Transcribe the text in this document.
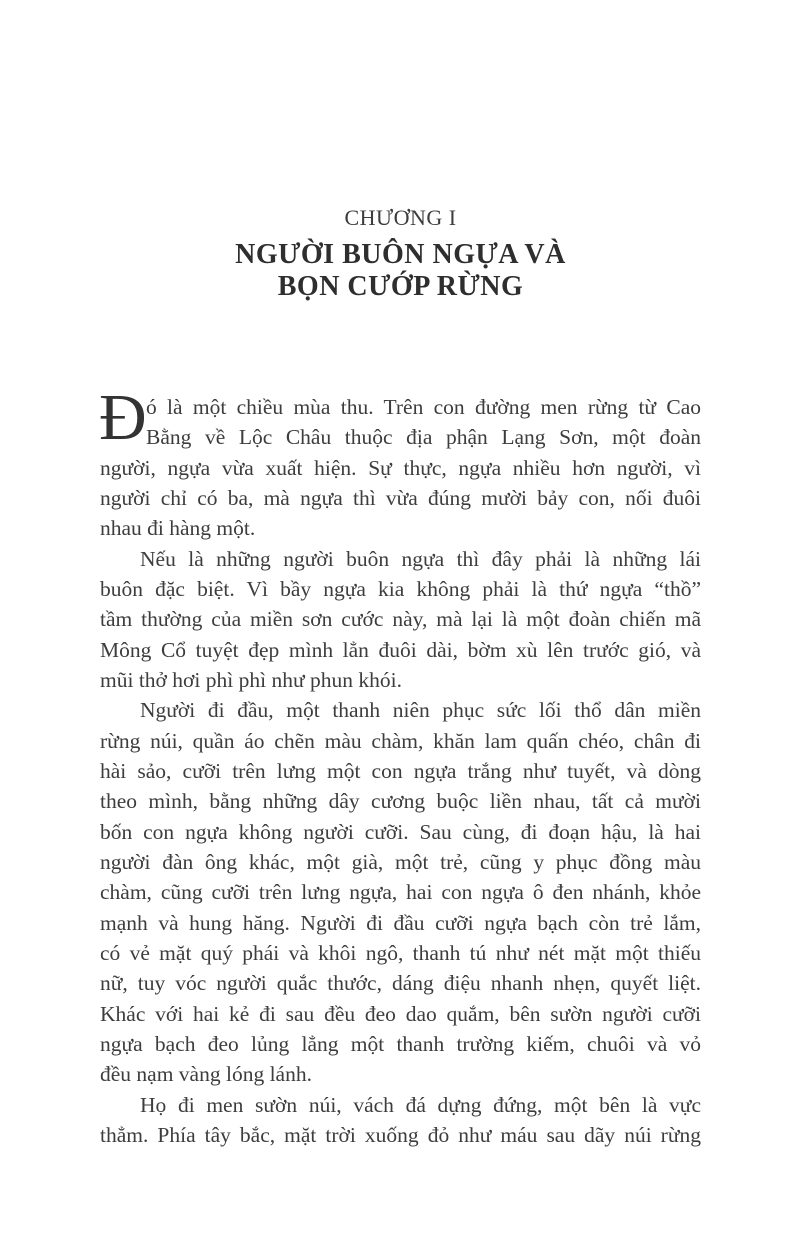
CHƯƠNG I
NGƯỜI BUÔN NGỰA VÀ
BỌN CƯỚP RỪNG
Đ ó là một chiều mùa thu. Trên con đường men rừng từ Cao
Bằng về Lộc Châu thuộc địa phận Lạng Sơn, một đoàn
người, ngựa vừa xuất hiện. Sự thực, ngựa nhiều hơn người, vì
người chỉ có ba, mà ngựa thì vừa đúng mười bảy con, nối đuôi
nhau đi hàng một.
Nếu là những người buôn ngựa thì đây phải là những lái
buôn đặc biệt. Vì bầy ngựa kia không phải là thứ ngựa “thồ”
tầm thường của miền sơn cước này, mà lại là một đoàn chiến mã
Mông Cổ tuyệt đẹp mình lẳn đuôi dài, bờm xù lên trước gió, và
mũi thở hơi phì phì như phun khói.
Người đi đầu, một thanh niên phục sức lối thổ dân miền
rừng núi, quần áo chẽn màu chàm, khăn lam quấn chéo, chân đi
hài sảo, cưỡi trên lưng một con ngựa trắng như tuyết, và dòng
theo mình, bằng những dây cương buộc liền nhau, tất cả mười
bốn con ngựa không người cưỡi. Sau cùng, đi đoạn hậu, là hai
người đàn ông khác, một già, một trẻ, cũng y phục đồng màu
chàm, cũng cưỡi trên lưng ngựa, hai con ngựa ô đen nhánh, khỏe
mạnh và hung hăng. Người đi đầu cưỡi ngựa bạch còn trẻ lắm,
có vẻ mặt quý phái và khôi ngô, thanh tú như nét mặt một thiếu
nữ, tuy vóc người quắc thước, dáng điệu nhanh nhẹn, quyết liệt.
Khác với hai kẻ đi sau đều đeo dao quắm, bên sườn người cưỡi
ngựa bạch đeo lủng lẳng một thanh trường kiếm, chuôi và vỏ
đều nạm vàng lóng lánh.
Họ đi men sườn núi, vách đá dựng đứng, một bên là vực
thẳm. Phía tây bắc, mặt trời xuống đỏ như máu sau dãy núi rừng
